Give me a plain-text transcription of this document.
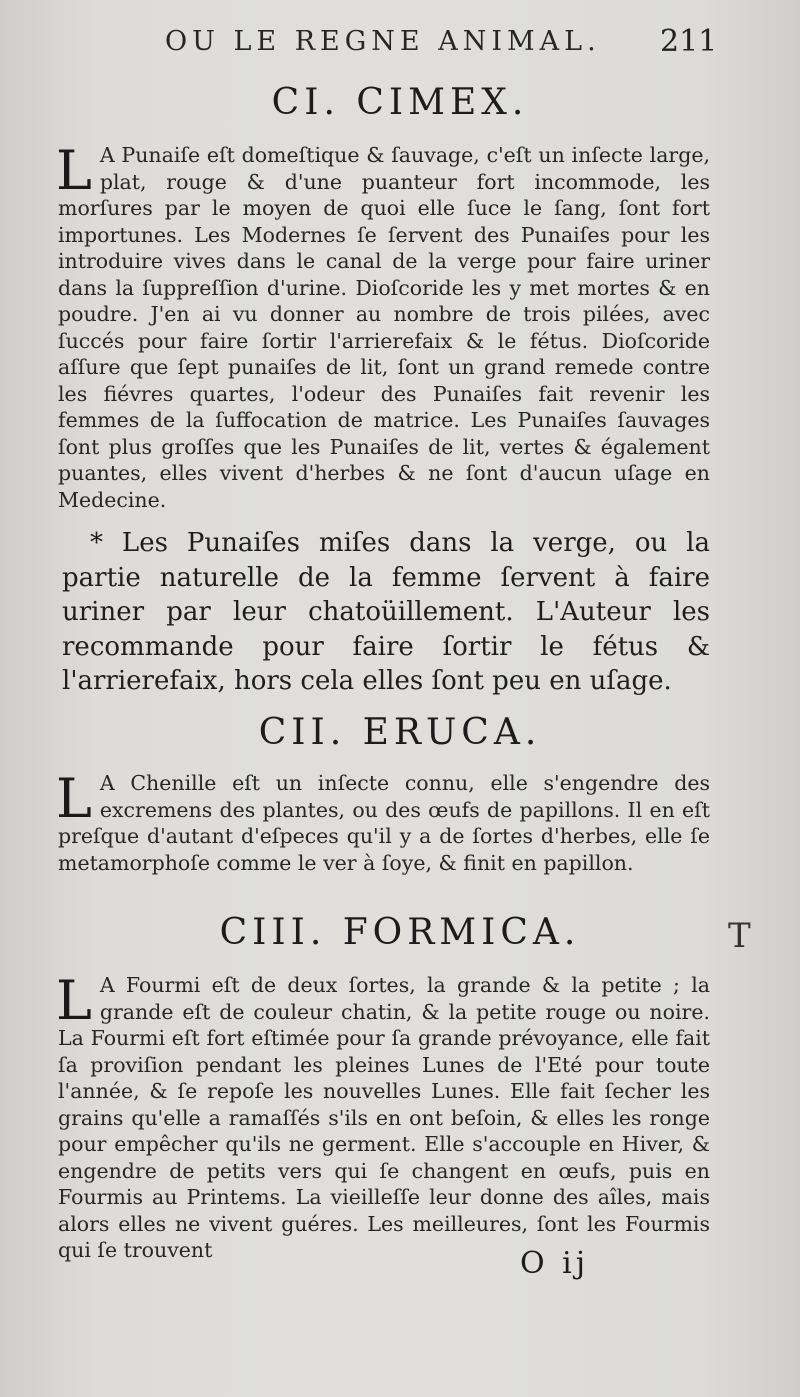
OU LE REGNE ANIMAL. 211
CI. CIMEX.
L A Punaiſe eſt domeſtique & ſauvage, c'eſt un inſecte large, plat, rouge & d'une puanteur fort incommode, les morſures par le moyen de quoi elle ſuce le ſang, ſont fort importunes. Les Modernes ſe ſervent des Punaiſes pour les introduire vives dans le canal de la verge pour faire uriner dans la ſuppreſſion d'urine. Dioſcoride les y met mortes & en poudre. J'en ai vu donner au nombre de trois pilées, avec ſuccés pour faire ſortir l'arrierefaix & le fétus. Dioſcoride aſſure que ſept punaiſes de lit, ſont un grand remede contre les fiévres quartes, l'odeur des Punaiſes fait revenir les femmes de la ſuffocation de matrice. Les Punaiſes ſauvages ſont plus groſſes que les Punaiſes de lit, vertes & également puantes, elles vivent d'herbes & ne ſont d'aucun uſage en Medecine.
* Les Punaiſes miſes dans la verge, ou la partie naturelle de la femme ſervent à faire uriner par leur chatoüillement. L'Auteur les recommande pour faire ſortir le fétus & l'arrierefaix, hors cela elles ſont peu en uſage.
CII. ERUCA.
L A Chenille eſt un inſecte connu, elle s'engendre des excremens des plantes, ou des œufs de papillons. Il en eſt preſque d'autant d'eſpeces qu'il y a de ſortes d'herbes, elle ſe metamorphoſe comme le ver à ſoye, & finit en papillon.
CIII. FORMICA.	T
L A Fourmi eſt de deux ſortes, la grande & la petite ; la grande eſt de couleur chatin, & la petite rouge ou noire. La Fourmi eſt fort eſtimée pour ſa grande prévoyance, elle fait ſa proviſion pendant les pleines Lunes de l'Eté pour toute l'année, & ſe repoſe les nouvelles Lunes. Elle fait ſecher les grains qu'elle a ramaſſés s'ils en ont beſoin, & elles les ronge pour empêcher qu'ils ne germent. Elle s'accouple en Hiver, & engendre de petits vers qui ſe changent en œufs, puis en Fourmis au Printems. La vieilleſſe leur donne des aîles, mais alors elles ne vivent guéres. Les meilleures, ſont les Fourmis qui ſe trouvent	O ij
